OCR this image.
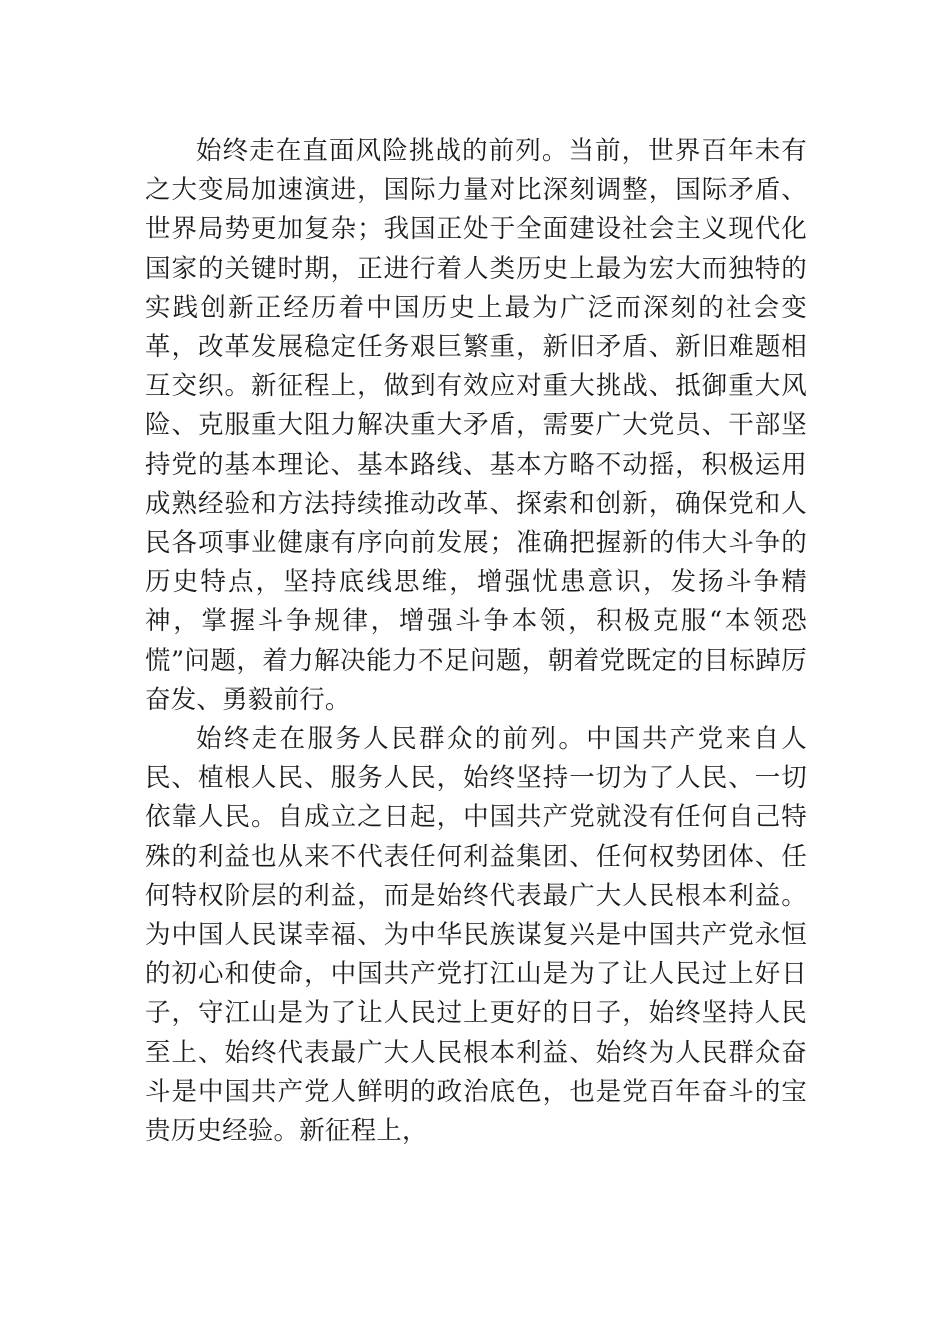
始终走在直面风险挑战的前列。当前，世界百年未有之大变局加速演进，国际力量对比深刻调整，国际矛盾、世界局势更加复杂；我国正处于全面建设社会主义现代化国家的关键时期，正进行着人类历史上最为宏大而独特的实践创新正经历着中国历史上最为广泛而深刻的社会变革，改革发展稳定任务艰巨繁重，新旧矛盾、新旧难题相互交织。新征程上，做到有效应对重大挑战、抵御重大风险、克服重大阻力解决重大矛盾，需要广大党员、干部坚持党的基本理论、基本路线、基本方略不动摇，积极运用成熟经验和方法持续推动改革、探索和创新，确保党和人民各项事业健康有序向前发展；准确把握新的伟大斗争的历史特点，坚持底线思维，增强忧患意识，发扬斗争精神，掌握斗争规律，增强斗争本领，积极克服“本领恐慌”问题，着力解决能力不足问题，朝着党既定的目标踔厉奋发、勇毅前行。

始终走在服务人民群众的前列。中国共产党来自人民、植根人民、服务人民，始终坚持一切为了人民、一切依靠人民。自成立之日起，中国共产党就没有任何自己特殊的利益也从来不代表任何利益集团、任何权势团体、任何特权阶层的利益，而是始终代表最广大人民根本利益。为中国人民谋幸福、为中华民族谋复兴是中国共产党永恒的初心和使命，中国共产党打江山是为了让人民过上好日子，守江山是为了让人民过上更好的日子，始终坚持人民至上、始终代表最广大人民根本利益、始终为人民群众奋斗是中国共产党人鲜明的政治底色，也是党百年奋斗的宝贵历史经验。新征程上，
